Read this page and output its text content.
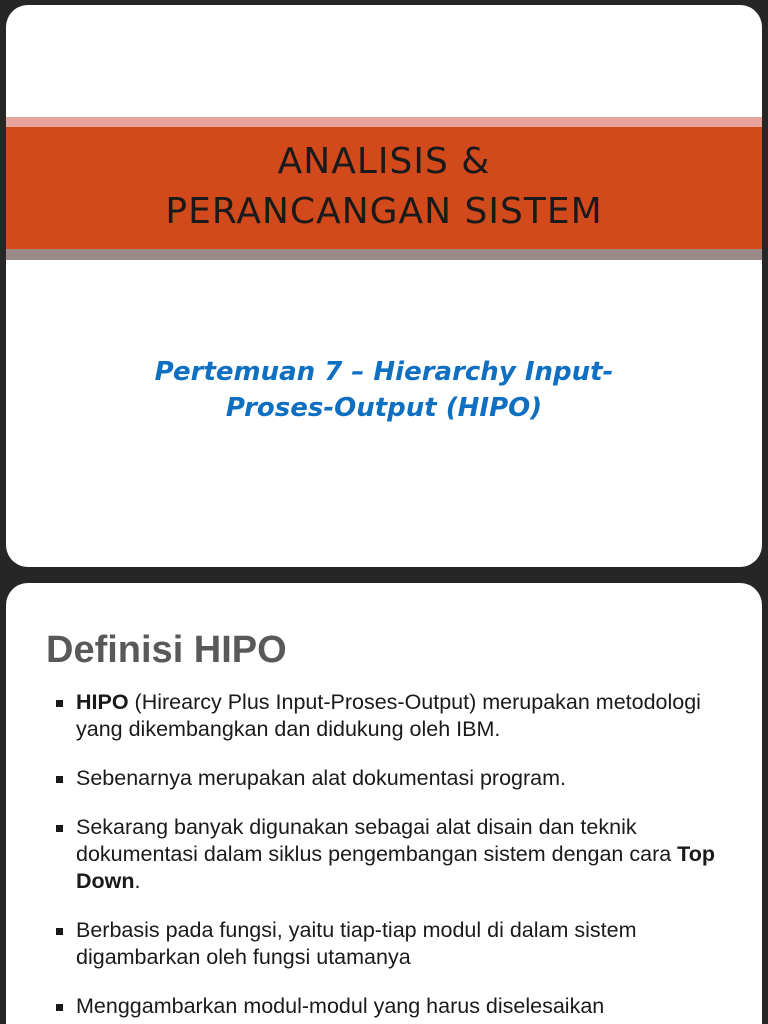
ANALISIS &
PERANCANGAN SISTEM
Pertemuan 7 – Hierarchy Input-
Proses-Output (HIPO)
Definisi HIPO
HIPO (Hirearcy Plus Input-Proses-Output) merupakan metodologi yang dikembangkan dan didukung oleh IBM.
Sebenarnya merupakan alat dokumentasi program.
Sekarang banyak digunakan sebagai alat disain dan teknik dokumentasi dalam siklus pengembangan sistem dengan cara Top Down.
Berbasis pada fungsi, yaitu tiap-tiap modul di dalam sistem digambarkan oleh fungsi utamanya
Menggambarkan modul-modul yang harus diselesaikan
